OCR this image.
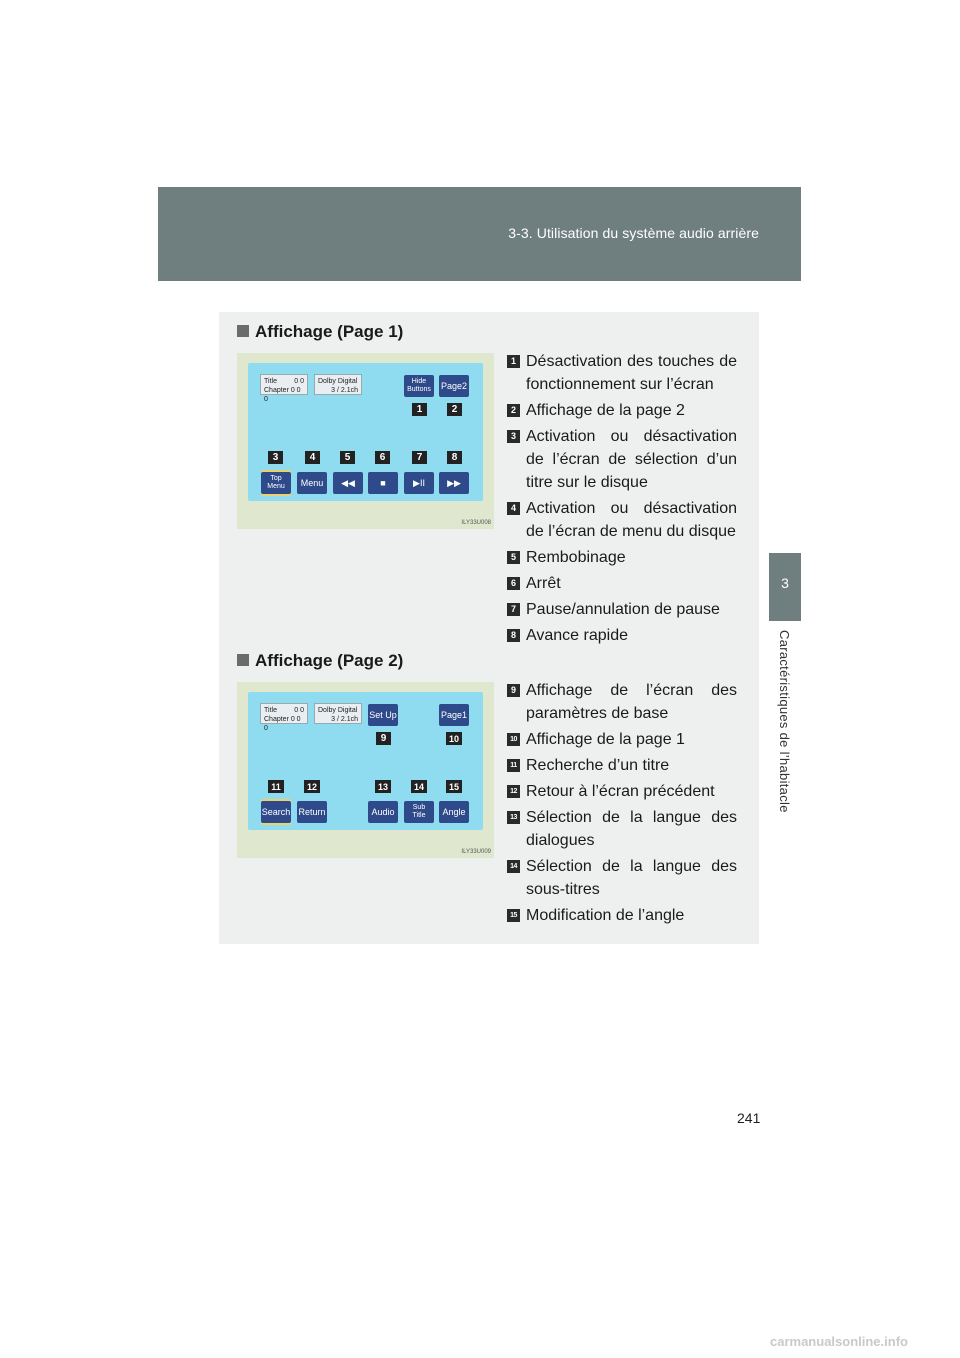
3-3. Utilisation du système audio arrière
3
Caractéristiques de l’habitacle
Affichage (Page 1)
Title 0 0
Chapter 0 0 0
Dolby Digital
3 / 2.1ch
Hide
Buttons Page2
1	2
3	4	5	6	7	8
Top
Menu	Menu	◀◀	■	▶II	▶▶
ILY33U008
1 Désactivation des touches de fonctionnement sur l’écran
2 Affichage de la page 2
3 Activation ou désactivation de l’écran de sélection d’un titre sur le disque
4 Activation ou désactivation de l’écran de menu du disque
5 Rembobinage
6 Arrêt
7 Pause/annulation de pause
8 Avance rapide
Affichage (Page 2)
Title 0 0
Chapter 0 0 0
Dolby Digital
3 / 2.1ch Set Up	Page1
9	10
11	12	13	14	15
Search Return	Audio	Sub
Title	Angle
ILY33U009
9 Affichage de l’écran des paramètres de base
10 Affichage de la page 1
11 Recherche d’un titre
12 Retour à l’écran précédent
13 Sélection de la langue des dialogues
14 Sélection de la langue des sous-titres
15 Modification de l’angle
241
carmanualsonline.info
